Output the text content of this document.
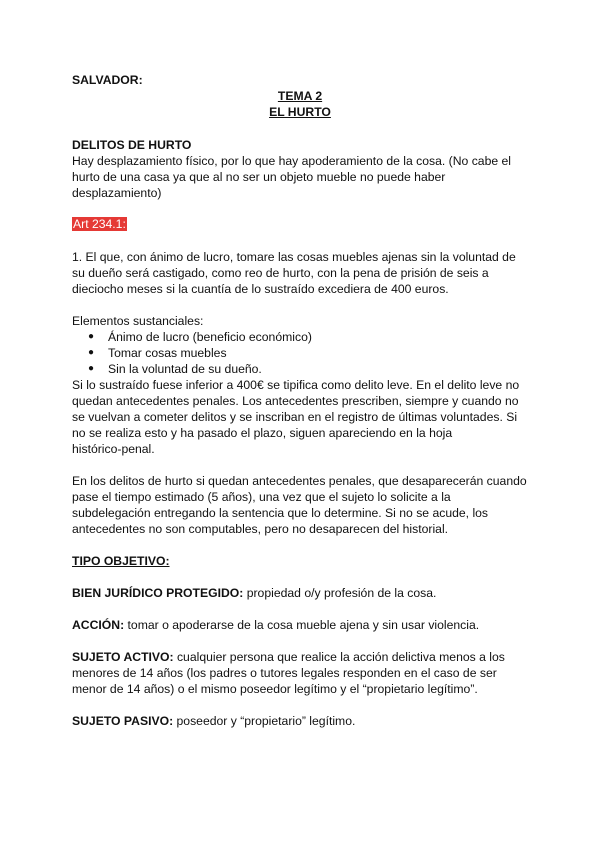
SALVADOR:
TEMA 2
EL HURTO
DELITOS DE HURTO
Hay desplazamiento físico, por lo que hay apoderamiento de la cosa. (No cabe el
hurto de una casa ya que al no ser un objeto mueble no puede haber
desplazamiento)
Art 234.1:
1. El que, con ánimo de lucro, tomare las cosas muebles ajenas sin la voluntad de
su dueño será castigado, como reo de hurto, con la pena de prisión de seis a
dieciocho meses si la cuantía de lo sustraído excediera de 400 euros.
Elementos sustanciales:
● Ánimo de lucro (beneficio económico)
● Tomar cosas muebles
● Sin la voluntad de su dueño.
Si lo sustraído fuese inferior a 400€ se tipifica como delito leve. En el delito leve no
quedan antecedentes penales. Los antecedentes prescriben, siempre y cuando no
se vuelvan a cometer delitos y se inscriban en el registro de últimas voluntades. Si
no se realiza esto y ha pasado el plazo, siguen apareciendo en la hoja
histórico-penal.
En los delitos de hurto si quedan antecedentes penales, que desaparecerán cuando
pase el tiempo estimado (5 años), una vez que el sujeto lo solicite a la
subdelegación entregando la sentencia que lo determine. Si no se acude, los
antecedentes no son computables, pero no desaparecen del historial.
TIPO OBJETIVO:
BIEN JURÍDICO PROTEGIDO: propiedad o/y profesión de la cosa.
ACCIÓN: tomar o apoderarse de la cosa mueble ajena y sin usar violencia.
SUJETO ACTIVO: cualquier persona que realice la acción delictiva menos a los
menores de 14 años (los padres o tutores legales responden en el caso de ser
menor de 14 años) o el mismo poseedor legítimo y el “propietario legítimo”.
SUJETO PASIVO: poseedor y “propietario” legítimo.
